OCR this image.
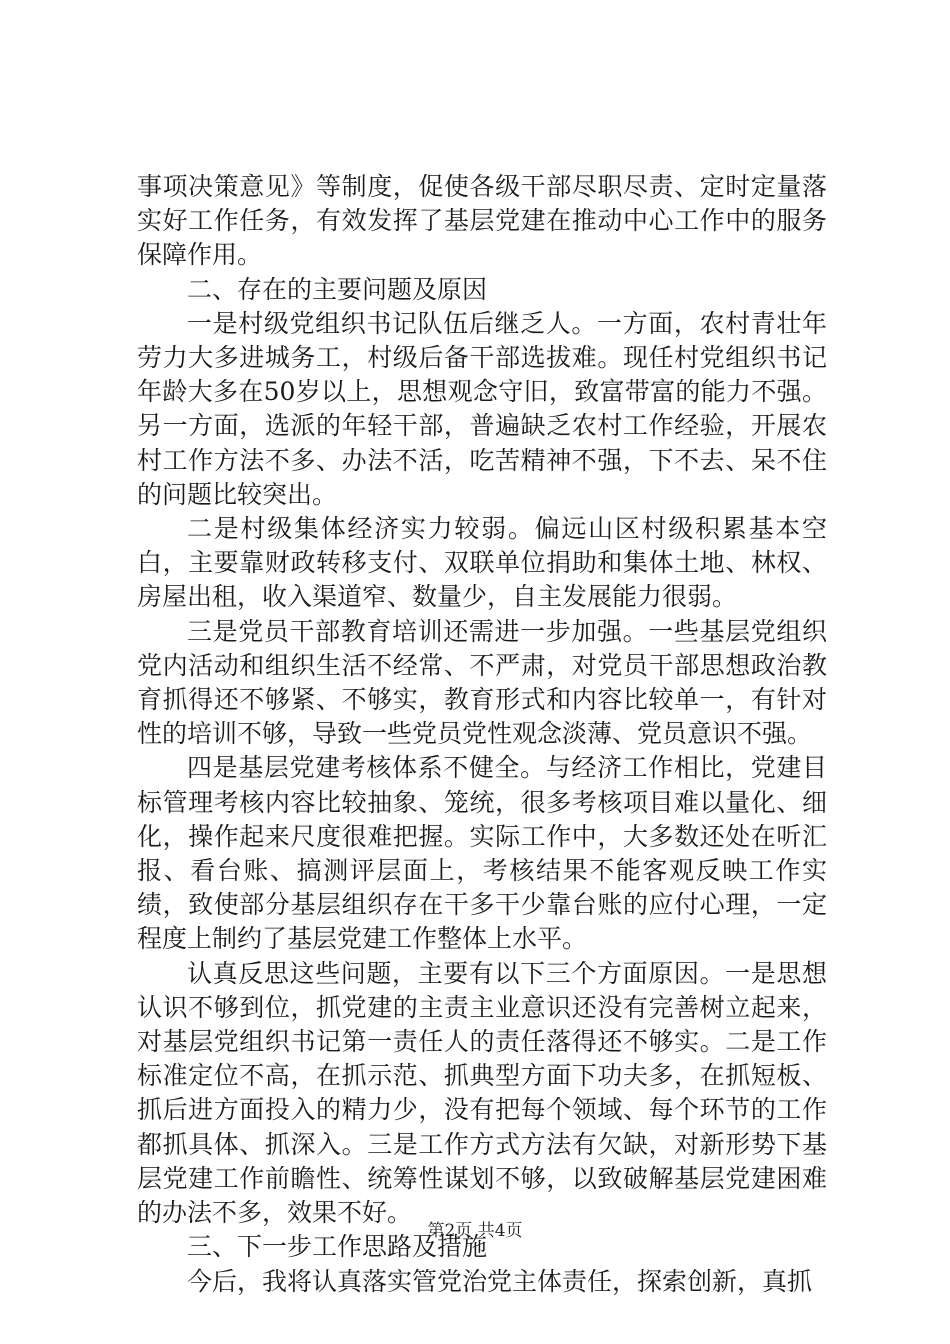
事项决策意见》等制度，促使各级干部尽职尽责、定时定量落实好工作任务，有效发挥了基层党建在推动中心工作中的服务保障作用。

二、存在的主要问题及原因

一是村级党组织书记队伍后继乏人。一方面，农村青壮年劳力大多进城务工，村级后备干部选拔难。现任村党组织书记年龄大多在50岁以上，思想观念守旧，致富带富的能力不强。另一方面，选派的年轻干部，普遍缺乏农村工作经验，开展农村工作方法不多、办法不活，吃苦精神不强，下不去、呆不住的问题比较突出。

二是村级集体经济实力较弱。偏远山区村级积累基本空白，主要靠财政转移支付、双联单位捐助和集体土地、林权、房屋出租，收入渠道窄、数量少，自主发展能力很弱。

三是党员干部教育培训还需进一步加强。一些基层党组织党内活动和组织生活不经常、不严肃，对党员干部思想政治教育抓得还不够紧、不够实，教育形式和内容比较单一，有针对性的培训不够，导致一些党员党性观念淡薄、党员意识不强。

四是基层党建考核体系不健全。与经济工作相比，党建目标管理考核内容比较抽象、笼统，很多考核项目难以量化、细化，操作起来尺度很难把握。实际工作中，大多数还处在听汇报、看台账、搞测评层面上，考核结果不能客观反映工作实绩，致使部分基层组织存在干多干少靠台账的应付心理，一定程度上制约了基层党建工作整体上水平。

认真反思这些问题，主要有以下三个方面原因。一是思想认识不够到位，抓党建的主责主业意识还没有完善树立起来，对基层党组织书记第一责任人的责任落得还不够实。二是工作标准定位不高，在抓示范、抓典型方面下功夫多，在抓短板、抓后进方面投入的精力少，没有把每个领域、每个环节的工作都抓具体、抓深入。三是工作方式方法有欠缺，对新形势下基层党建工作前瞻性、统筹性谋划不够，以致破解基层党建困难的办法不多，效果不好。

三、下一步工作思路及措施

今后，我将认真落实管党治党主体责任，探索创新，真抓

第2页 共4页
